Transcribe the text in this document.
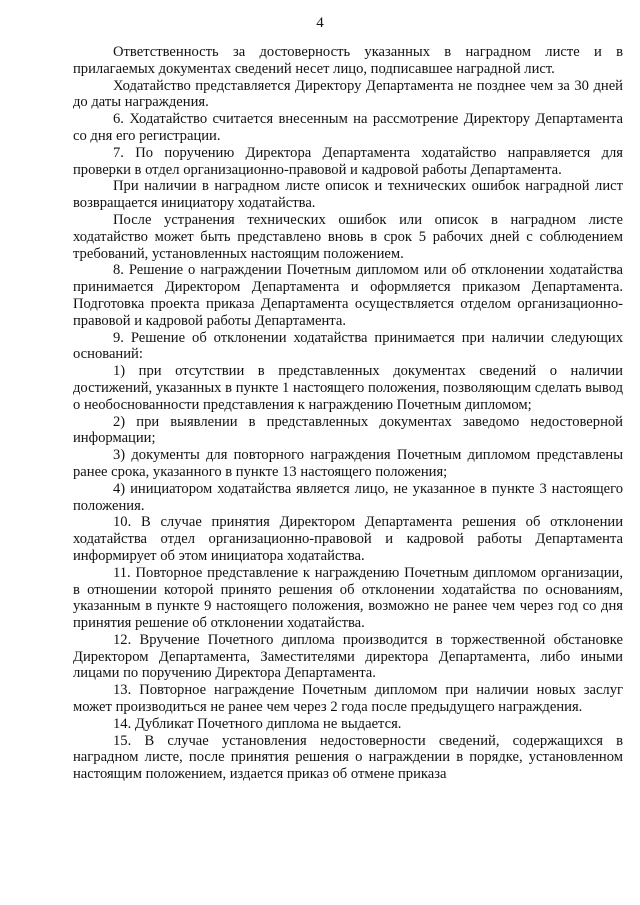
4

Ответственность за достоверность указанных в наградном листе и в прилагаемых документах сведений несет лицо, подписавшее наградной лист.

Ходатайство представляется Директору Департамента не позднее чем за 30 дней до даты награждения.

6. Ходатайство считается внесенным на рассмотрение Директору Департамента со дня его регистрации.

7. По поручению Директора Департамента ходатайство направляется для проверки в отдел организационно-правовой и кадровой работы Департамента.

При наличии в наградном листе описок и технических ошибок наградной лист возвращается инициатору ходатайства.

После устранения технических ошибок или описок в наградном листе ходатайство может быть представлено вновь в срок 5 рабочих дней с соблюдением требований, установленных настоящим положением.

8. Решение о награждении Почетным дипломом или об отклонении ходатайства принимается Директором Департамента и оформляется приказом Департамента. Подготовка проекта приказа Департамента осуществляется отделом организационно-правовой и кадровой работы Департамента.

9. Решение об отклонении ходатайства принимается при наличии следующих оснований:

1) при отсутствии в представленных документах сведений о наличии достижений, указанных в пункте 1 настоящего положения, позволяющим сделать вывод о необоснованности представления к награждению Почетным дипломом;

2) при выявлении в представленных документах заведомо недостоверной информации;

3) документы для повторного награждения Почетным дипломом представлены ранее срока, указанного в пункте 13 настоящего положения;

4) инициатором ходатайства является лицо, не указанное в пункте 3 настоящего положения.

10. В случае принятия Директором Департамента решения об отклонении ходатайства отдел организационно-правовой и кадровой работы Департамента информирует об этом инициатора ходатайства.

11. Повторное представление к награждению Почетным дипломом организации, в отношении которой принято решения об отклонении ходатайства по основаниям, указанным в пункте 9 настоящего положения, возможно не ранее чем через год со дня принятия решение об отклонении ходатайства.

12. Вручение Почетного диплома производится в торжественной обстановке Директором Департамента, Заместителями директора Департамента, либо иными лицами по поручению Директора Департамента.

13. Повторное награждение Почетным дипломом при наличии новых заслуг может производиться не ранее чем через 2 года после предыдущего награждения.

14. Дубликат Почетного диплома не выдается.

15. В случае установления недостоверности сведений, содержащихся в наградном листе, после принятия решения о награждении в порядке, установленном настоящим положением, издается приказ об отмене приказа
